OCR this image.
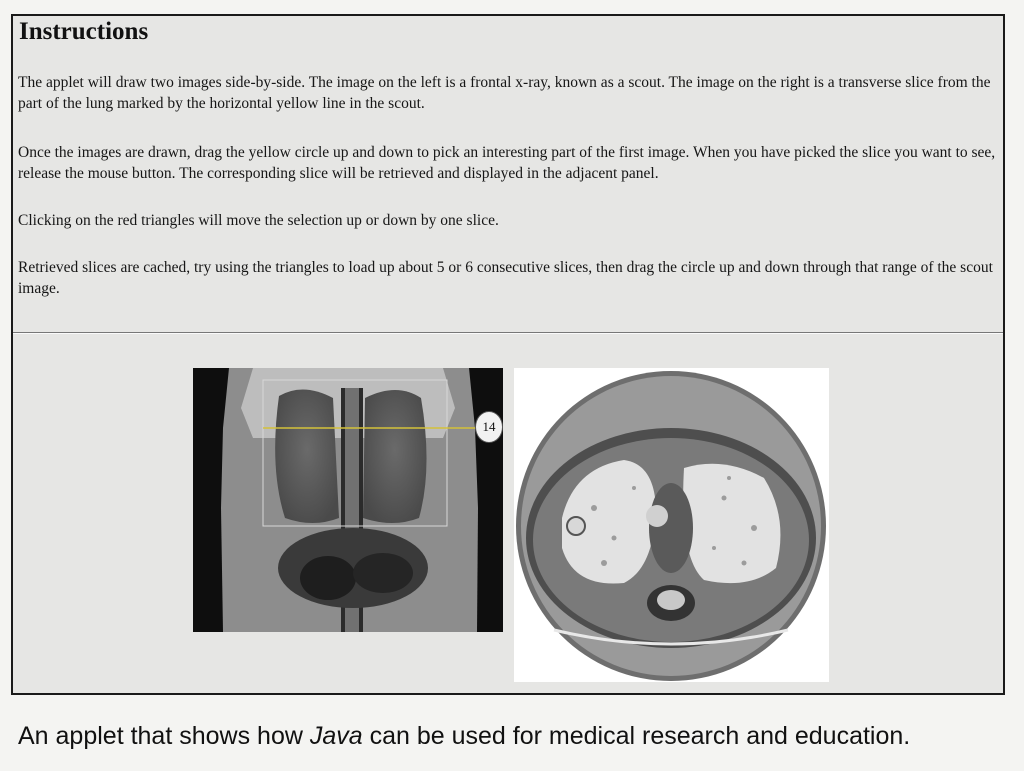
Instructions

The applet will draw two images side-by-side. The image on the left is a frontal x-ray, known as a scout. The image on the right is a transverse slice from the part of the lung marked by the horizontal yellow line in the scout.

Once the images are drawn, drag the yellow circle up and down to pick an interesting part of the first image. When you have picked the slice you want to see, release the mouse button. The corresponding slice will be retrieved and displayed in the adjacent panel.

Clicking on the red triangles will move the selection up or down by one slice.

Retrieved slices are cached, try using the triangles to load up about 5 or 6 consecutive slices, then drag the circle up and down through that range of the scout image.

14

An applet that shows how Java can be used for medical research and education.
